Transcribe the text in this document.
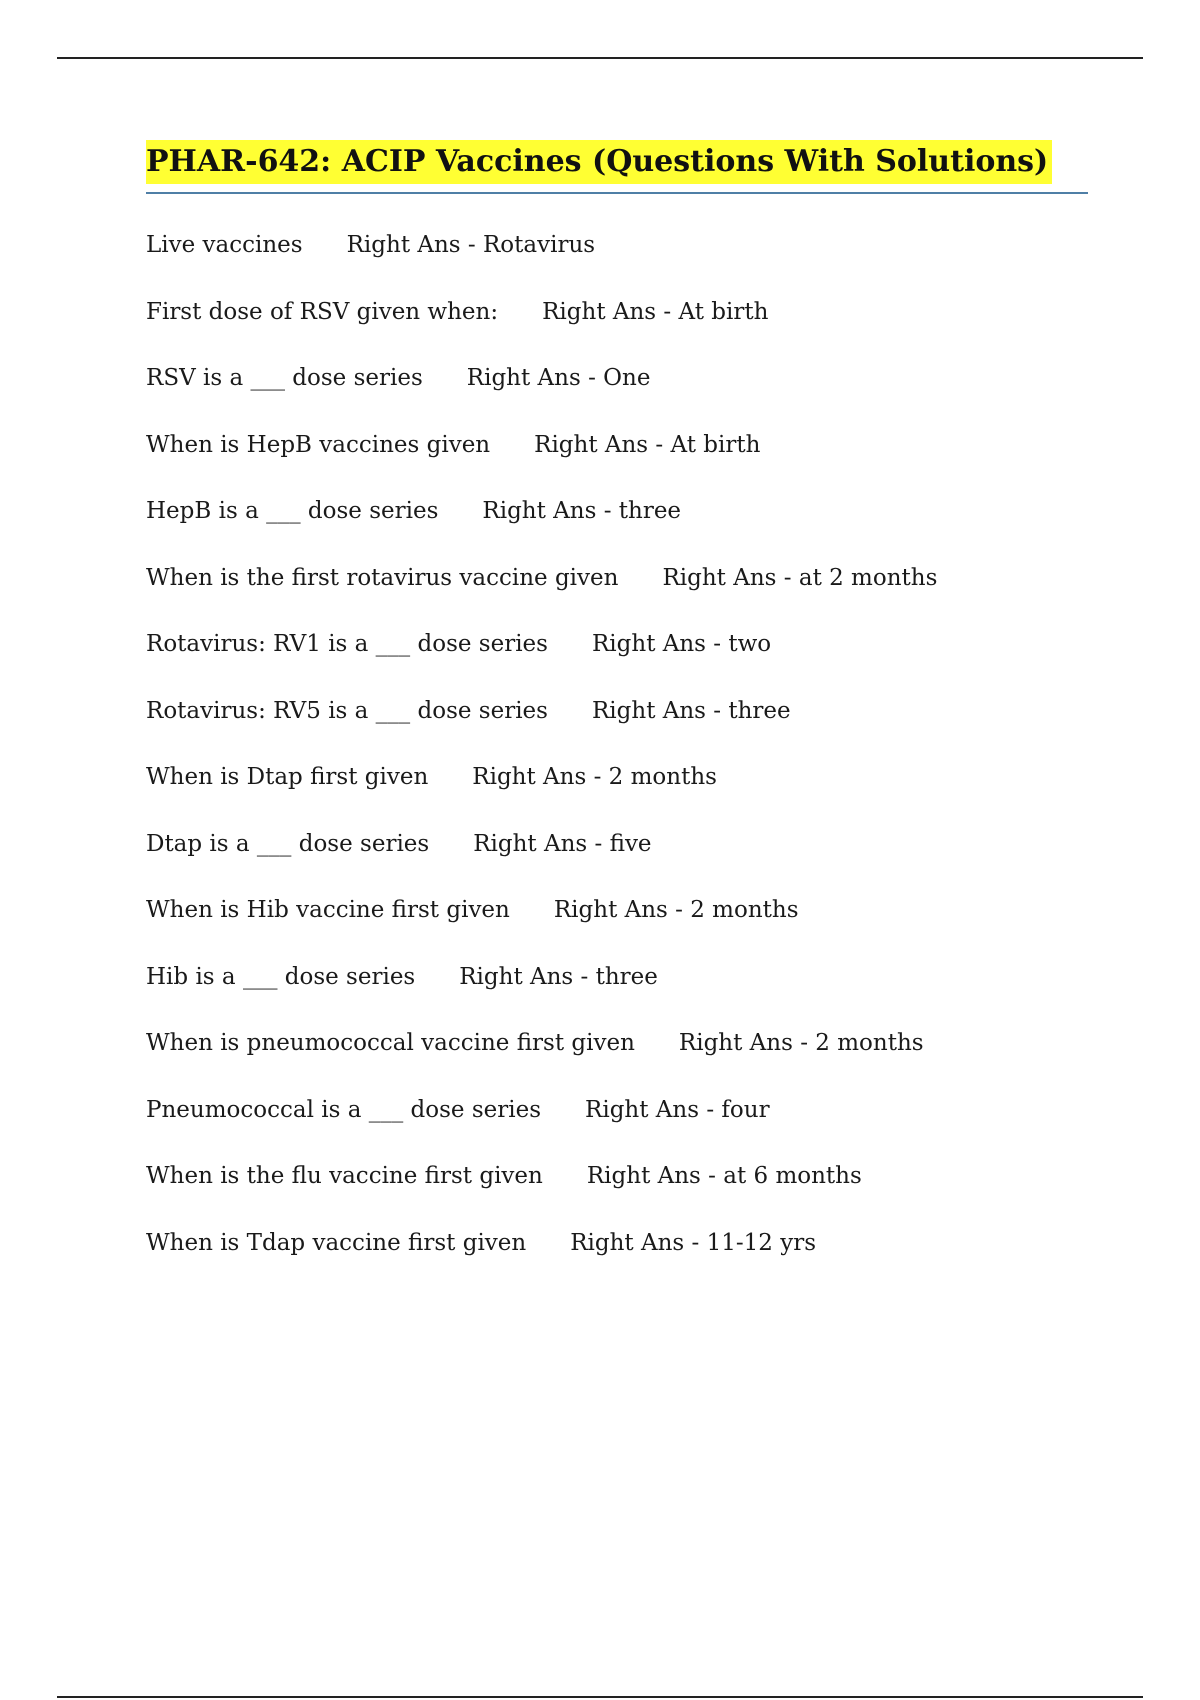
PHAR-642: ACIP Vaccines (Questions With Solutions)
Live vaccines Right Ans - Rotavirus
First dose of RSV given when: Right Ans - At birth
RSV is a ___ dose series Right Ans - One
When is HepB vaccines given Right Ans - At birth
HepB is a ___ dose series Right Ans - three
When is the first rotavirus vaccine given Right Ans - at 2 months
Rotavirus: RV1 is a ___ dose series Right Ans - two
Rotavirus: RV5 is a ___ dose series Right Ans - three
When is Dtap first given Right Ans - 2 months
Dtap is a ___ dose series Right Ans - five
When is Hib vaccine first given Right Ans - 2 months
Hib is a ___ dose series Right Ans - three
When is pneumococcal vaccine first given Right Ans - 2 months
Pneumococcal is a ___ dose series Right Ans - four
When is the flu vaccine first given Right Ans - at 6 months
When is Tdap vaccine first given Right Ans - 11-12 yrs
